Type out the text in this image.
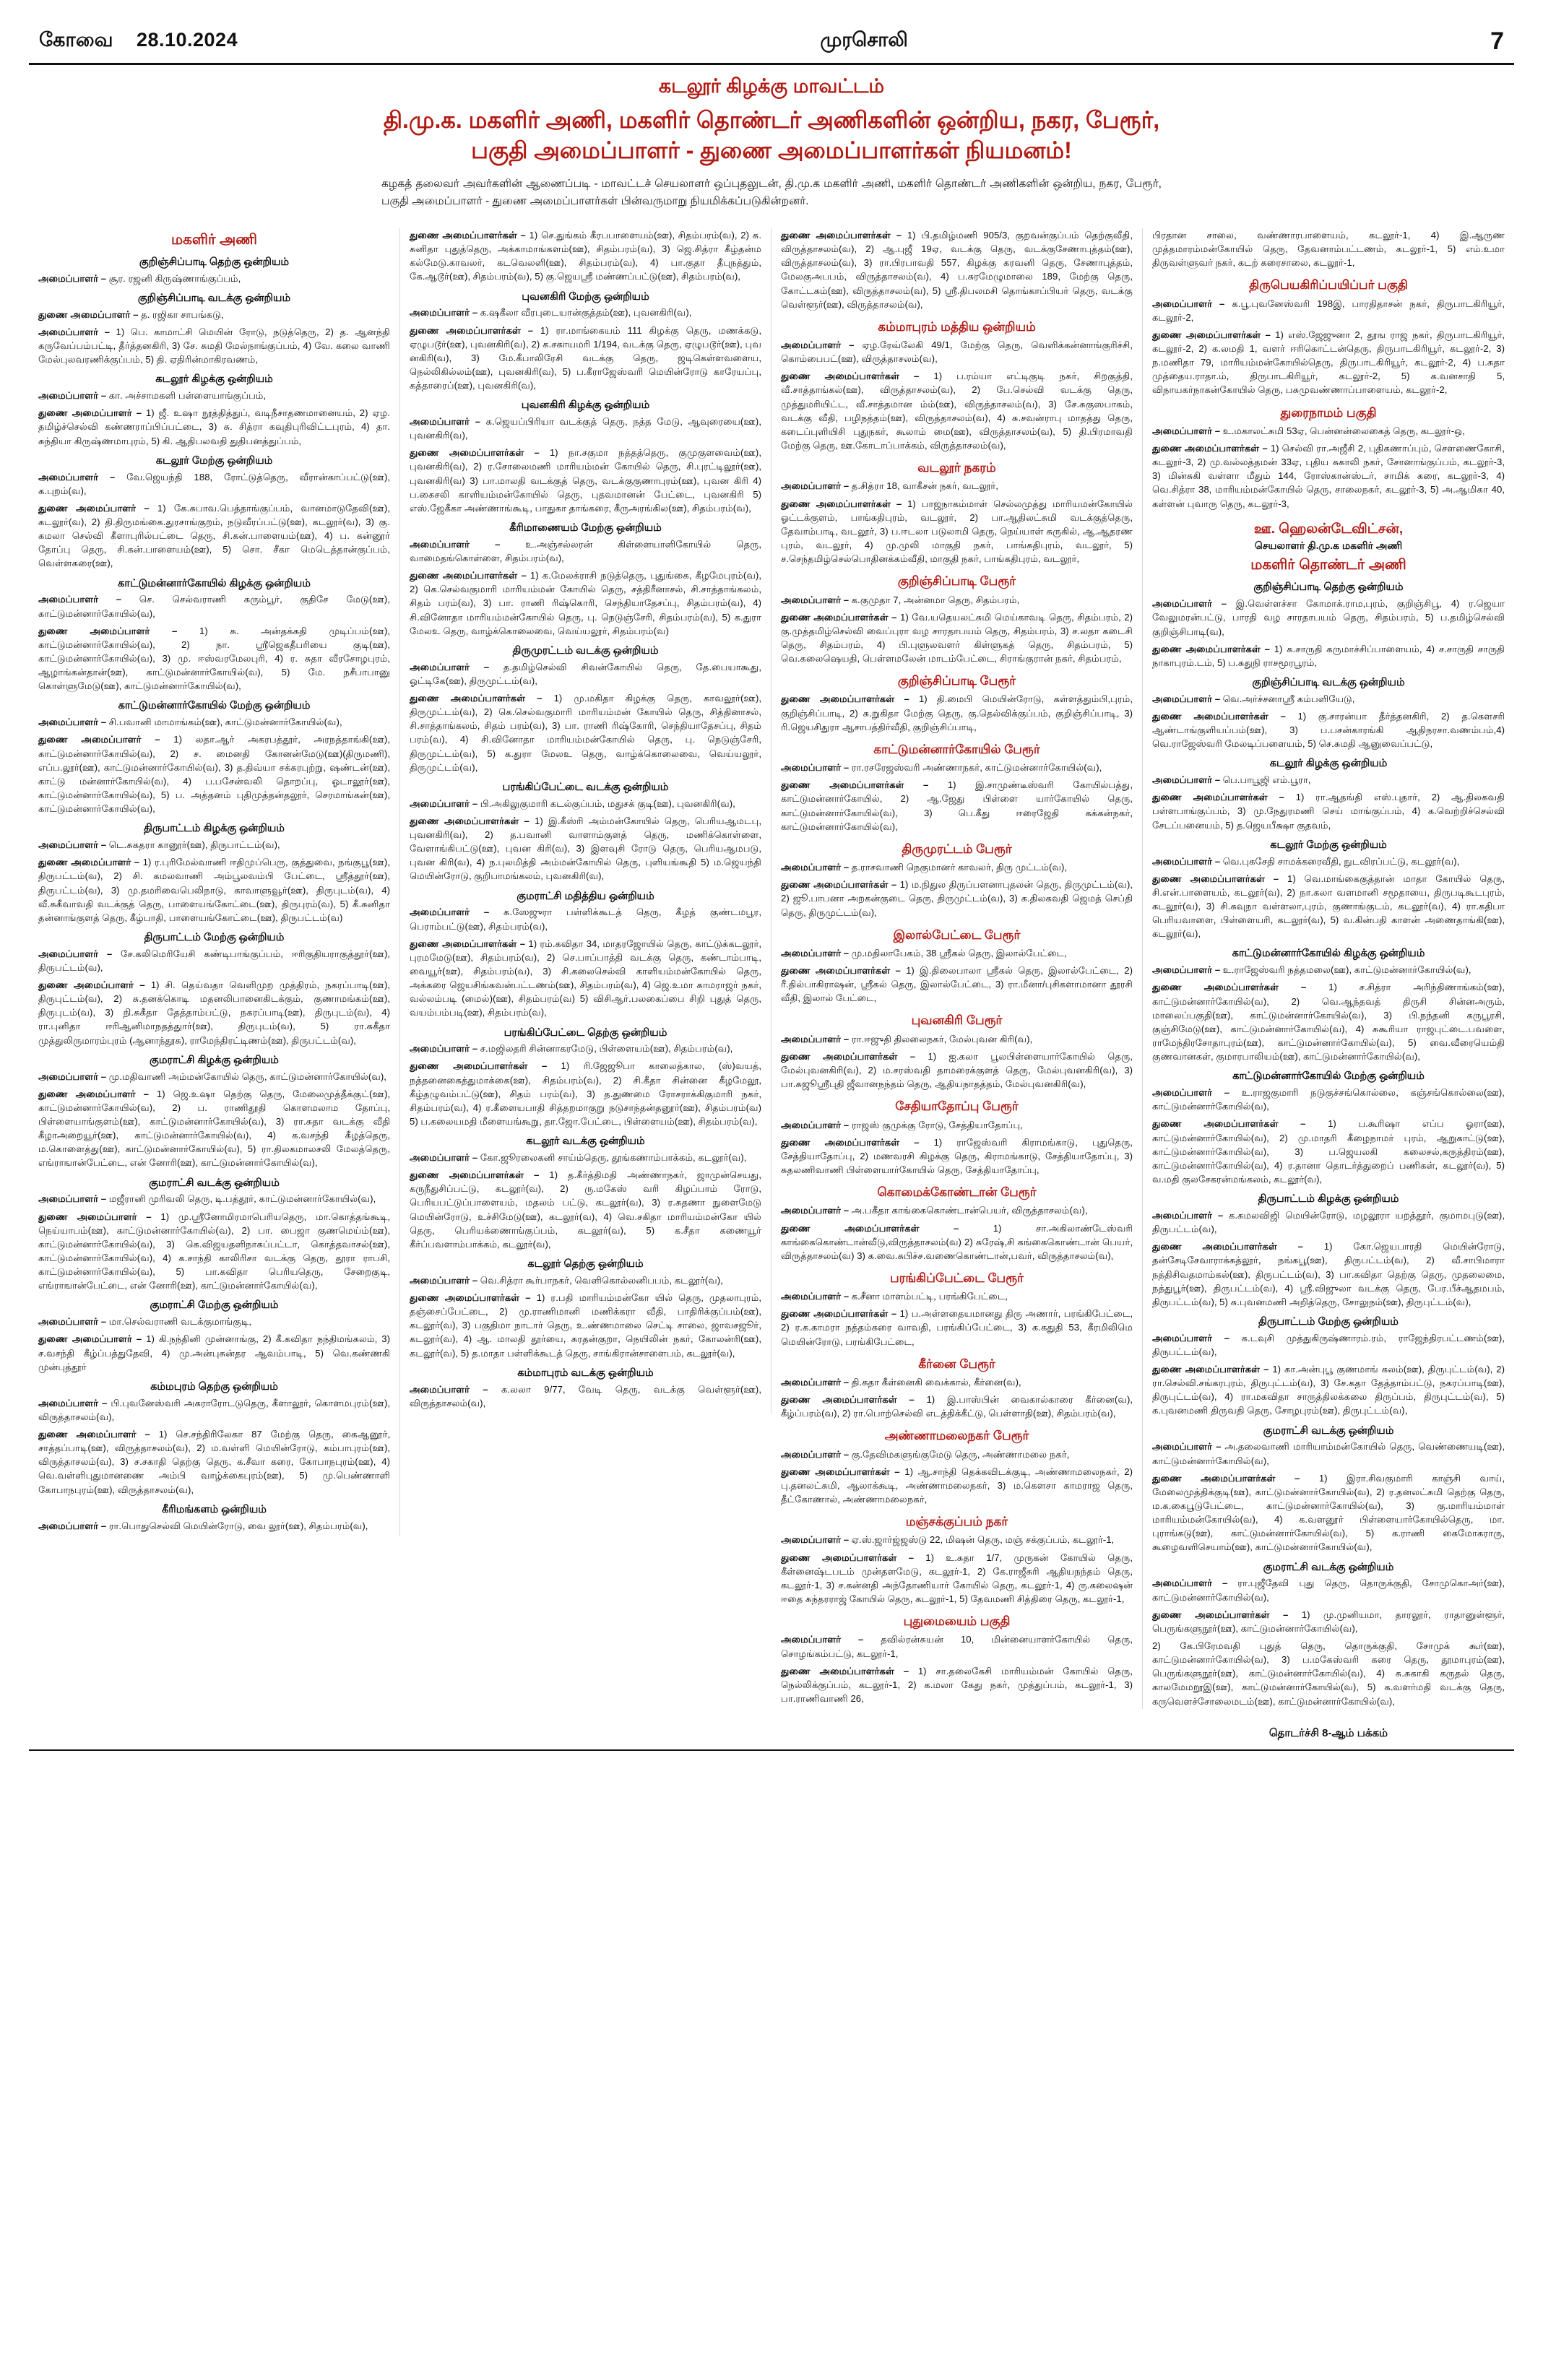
கோவை 28.10.2024	முரசொலி	7
கடலூர் கிழக்கு மாவட்டம்
தி.மு.க. மகளிர் அணி, மகளிர் தொண்டர் அணிகளின் ஒன்றிய, நகர, பேரூர், பகுதி அமைப்பாளர் - துணை அமைப்பாளர்கள் நியமனம்!
கழகத் தலைவர் அவர்களின் ஆணைப்படி - மாவட்டச் செயலாளர் ஒப்புதலுடன், தி.மு.க மகளிர் அணி, மகளிர் தொண்டர் அணிகளின் ஒன்றிய, நகர, பேரூர், பகுதி அமைப்பாளர் - துணை அமைப்பாளர்கள் பின்வருமாறு நியமிக்கப்படுகின்றனர்.
மகளிர் அணி
குறிஞ்சிப்பாடி தெற்கு ஒன்றியம்

அமைப்பாளர் – சூர. ரஜனி கிருஷ்ணாங்குப்பம்,

குறிஞ்சிப்பாடி வடக்கு ஒன்றியம்

துணை அமைப்பாளர் – த. ரஜிகா சாபங்கடு,

அமைப்பாளர் – 1) பெ. காமாட்சி மெயின் ரோடு, நடுத்தெரு, 2) த. ஆனந்தி கருவேப்பம்பட்டி, தீர்த்தனகிரி, 3) சே. சுமதி மேல்நாங்குப்பம், 4) வே. கலை வாணி மேல்புலவரணிக்குப்பம், 5) தி. ஏதிரின்மாகிரவணம்,

கடலூர் கிழக்கு ஒன்றியம்

அமைப்பாளர் – கா. அச்சாமகளி பள்ளையாங்குப்பம்,

துணை அமைப்பாளர் – 1) ஜீ. உஷா நூத்தித்துப், வடிநீசாதணமானையம், 2) ஏழ. தமிழ்ச்செல்வி கண்ணராப்பிப்பட்டை, 3) சு. சித்ரா கவுதிபுரிவிட்டபுரம், 4) தா. சுந்தியா கிருஷ்ணமாபுரம், 5) கி. ஆதிபலவதி துதிபனத்துப்பம்,

கடலூர் மேற்கு ஒன்றியம்

அமைப்பாளர் – வே.ஜெயந்தி 188, ரோட்டுத்தெரு, வீரான்காப்பட்டு(ஊ), க.புறம்(வ),

துணை அமைப்பாளர் – 1) கே.சுபாவ.பெத்தாங்குப்பம், வானமாடுதேவி(ஊ), கடலூர்(வ), 2) தி.திருமங்கை.துரசாங்குறம், நடுவீரப்பட்டு(ஊ), கடலூர்(வ), 3) கு. கமலா செல்வி கீளாபுரில்பட்டை தெரு, சி.கன்.பாளையம்(ஊ), 4) ப. கன்னூர் தோப்பு தெரு, சி.கன்.பாளையம்(ஊ), 5) சொ. சீகா மெடெத்தான்குப்பம், வெள்ளகரை(ஊ),

காட்டுமன்னார்கோயில் கிழக்கு ஒன்றியம்

அமைப்பாளர் – செ. செல்வராணி கரும்பூர், குதிசே மேடு(ஊ), காட்டுமன்னார்கோயில்(வ),

துணை அமைப்பாளர் – 1) சு. அன்தக்கதி முடிப்பம்(ஊ), காட்டுமன்னார்கோயில்(வ), 2) நா. ஸ்ரீஜெகதீபரியை குடி(ஊ), காட்டுமன்னார்கோயில்(வ), 3) மு. ஈஸ்வரமேலபுரி, 4) ர. சுதா வீரசோழபுரம், ஆழாங்கன்தான்(ஊ), காட்டுமன்னார்கோயில்(வ), 5) மே. நசீபாபானு கொள்ளுமேடு(ஊ), காட்டுமன்னார்கோயில்(வ),

காட்டுமன்னார்கோயில் மேற்கு ஒன்றியம்

அமைப்பாளர் – சி.பவானி மாமாங்கம்(ஊ), காட்டுமன்னார்கோயில்(வ),

துணை அமைப்பாளர் – 1) லதா.ஆர் அகரபத்தூர், அரநத்தாங்கி(ஊ), காட்டுமன்னார்கோயில்(வ), 2) ச. மைனதி கோனன்மேடு(ஊ)(திருமணி), எப்ப.லூர்(ஊ), காட்டுமன்னார்கோயில்(வ), 3) த.திவ்யா சக்கரபுற்று, ஷண்டன்(ஊ), காட்டு மன்னார்கோயில்(வ), 4) ப.பசேன்வலி தொறப்பு, ஓடாலூர்(ஊ), காட்டுமன்னார்கோயில்(வ), 5) ப. அத்தனம் புதிமுத்தன்தலூர், செரமாங்கன்(ஊ), காட்டுமன்னார்கோயில்(வ),

திருபாட்டம் கிழக்கு ஒன்றியம்

அமைப்பாளர் – டெ.சுகதரா கானூர்(ஊ), திருபாட்டம்(வ),

துணை அமைப்பாளர் – 1) ர.புரிமேல்வாணி ஈதிமுப்பெரு, குத்துவை, நங்குபூ(ஊ), திருபட்டம்(வ), 2) சி. கமலவாணி அம்பூலவம்பி பேட்டை, ஸ்ரீத்தூர்(ஊ), திருபட்டம்(வ), 3) மு.தமரிவைபெலிநாடு, காவாளுவூர்(ஊ), திருபுடம்(வ), 4) வீ.சுகீவாவதி வடக்குத் தெரு, பாளையங்கோட்டை(ஊ), திருபுரம்(வ), 5) கீ.சுனிதா தன்னாங்குளத் தெரு, கீழ்பாதி, பாளையங்கோட்டை(ஊ), திருபட்டம்(வ)

திருபாட்டம் மேற்கு ஒன்றியம்

அமைப்பாளர் – சே.கலிமெரியேசி கண்டிபாங்குப்பம், ஈரிகுதியராகுத்தூர்(ஊ), திருபட்டம்(வ),

துணை அமைப்பாளர் – 1) சி. தெய்வதா வெளிமுற முத்திரம், நகரப்பாடி(ஊ), திருபுட்டம்(வ), 2) சு.தனக்கொடி மதனலிபானைகிடக்கும், குணாமங்கம்(ஊ), திருபுடம்(வ), 3) நி.சுகீதா தேத்தாம்பட்டு, நகரப்பாடி(ஊ), திருபுடம்(வ), 4) ரா.புனிதா ஈரிஆனிமாநதத்துார்(ஊ), திருபுடம்(வ), 5) ரா.சுகீதா முத்துலிருமாரம்புரம் (ஆனாந்தூசு), ராமேந்திரட்டிணம்(ஊ), திருபட்டம்(வ),

குமராட்சி கிழக்கு ஒன்றியம்

அமைப்பாளர் – மு.மதிவாணி அம்மன்கோயில் தெரு, காட்டுமன்னார்கோயில்(வ),

துணை அமைப்பாளர் – 1) ஜெ.உஷா தெற்கு தெரு, மேலைமுத்தீக்குட்(ஊ), காட்டுமன்னார்கோயில்(வ), 2) ப. ராணிதூதி கொளமலாம தோப்பு, பிள்ளையாங்குளம்(ஊ), காட்டுமன்னார்கோயில்(வ), 3) ரா.சுதா வடக்கு வீதி கீழாஅறையூர்(ஊ), காட்டுமன்னார்கோயில்(வ), 4) க.வசந்தி கீழத்தெரு, ம.கொளைத்து(ஊ), காட்டுமன்னார்கோயில்(வ), 5) ரா.திலகமாலசலி மேலத்தெரு, எங்ராஙான்பேட்டை, என் னோரி(ஊ), காட்டுமன்னார்கோயில்(வ),

குமராட்சி வடக்கு ஒன்றியம்

அமைப்பாளர் – மஜீரானி முரிவலி தெரு, டி.பத்தூர், காட்டுமன்னார்கோயில்(வ),

துணை அமைப்பாளர் – 1) மு.ஸ்ரீனோமிரமாபெரியதெரு, மா.கொத்தங்கூடி, நெய்யாபம்(ஊ), காட்டுமன்னார்கோயில்(வ), 2) பா. பைஜா குணமெய்ம்(ஊ), காட்டுமன்னார்கோயில்(வ), 3) கெ.விஜயதளிநாகப்பட்டா, கொத்தவாசல்(ஊ), காட்டுமன்னார்கோயில்(வ), 4) க.சாந்தி காலிரிசா வடக்கு தெரு, தூரா ராபசி, காட்டுமன்னார்கோயில்(வ), 5) பா.கவிதா பெரியதெரு, சேறைகுடி, எங்ராஙான்பேட்டை, என் னோரி(ஊ), காட்டுமன்னார்கோயில்(வ),

குமராட்சி மேற்கு ஒன்றியம்

அமைப்பாளர் – மா.செல்வராணி வடக்குமாங்குடி,

துணை அமைப்பாளர் – 1) கி.நந்தினி முன்னாங்கு, 2) கீ.கவிதா நந்திமங்கலம், 3) ச.வசந்தி கீழ்ப்பத்துதேவி, 4) மு.அன்புசுன்தர ஆவம்பாடி, 5) வெ.கண்ணகி முன்புத்தூர்

கம்மபுரம் தெற்கு ஒன்றியம்

அமைப்பாளர் – பி.புவனேஸ்வரி அகராரோடடுதெரு, கீளாலூர், கொளமபுரம்(ஊ), விருத்தாசலம்(வ),

துணை அமைப்பாளர் – 1) செ.சந்திரிலேகா 87 மேற்கு தெரு, கைஆனூர், சாத்தப்பாடி(ஊ), விருத்தாசலம்(வ), 2) ம.வள்ளி மெயின்ரோடு, கம்பாபுரம்(ஊ), விருத்தாசலம்(வ), 3) ச.சகாதி தெற்கு தெரு, க.சீவா கரை, கோபாநபுரம்(ஊ), 4) வெ.வள்ளிபுதுமானணை அம்பி வாழ்க்கைபுரம்(ஊ), 5) மு.பெண்ணாளி கோபாநபுரம்(ஊ), விருத்தாசலம்(வ),

கீரிமங்களம் ஒன்றியம்

அமைப்பாளர் – ரா.பொதுசெல்வி மெயின்ரோடு, வை லூர்(ஊ), சிதம்பரம்(வ),

துணை அமைப்பாளர்கள் – 1) செ.துங்கம் கீரபபாளையம்(ஊ), சிதம்பரம்(வ), 2) சு. சுனிதா புதுத்தெரு, அக்காமாங்களம்(ஊ), சிதம்பரம்(வ), 3) ஜெ.சித்ரா கீழ்தன்ம கல்மேடு.காவலர், கடவெலளி(ஊ), சிதம்பரம்(வ), 4) பா.குதா தீபுநத்தும், கே.ஆடூர்(ஊ), சிதம்பரம்(வ), 5) கு.ஜெயஸ்ரீ மண்ணப்பட்டு(ஊ), சிதம்பரம்(வ),

புவனகிரி மேற்கு ஒன்றியம்

அமைப்பாளர் – க.ஷகீலா வீரபுடையான்குத்தம்(ஊ), புவனகிரி(வ),

துணை அமைப்பாளர்கள் – 1) ரா.மாங்கையம் 111 கிழக்கு தெரு, மணக்கடு, ஏழுபடூர்(ஊ), புவனகிரி(வ), 2) க.சகாயமரி 1/194, வடக்கு தெரு, ஏழுபடூர்(ஊ), புவ னகிரி(வ), 3) மே.கீபாலிரேசி வடக்கு தெரு, ஜடிகெள்ளவளைய, நெல்லிகில்லம்(ஊ), புவனகிரி(வ), 5) ப.கீராஜேஸ்வரி மெயின்ரோடு காரேயப்பு, கத்தாரைப்(ஊ), புவனகிரி(வ),

புவனகிரி கிழக்கு ஒன்றியம்

அமைப்பாளர் – க.ஜெயப்பிரியா வடக்குத் தெரு, நத்த மேடு, ஆவுரையை(ஊ), புவனகிரி(வ),

துணை அமைப்பாளர்கள் – 1) நா.சகுமா நத்தத்தெரு, குமுகுளவைம்(ஊ), புவனகிரி(வ), 2) ர.சோலைமணி மாரியம்மன் கோயில் தெரு, சி.புரட்டிலூர்(ஊ), புவனகிரி(வ) 3) பா.மாலதி வடக்குத் தெரு, வடக்குகுணாபுரம்(ஊ), புவன கிரி 4) ப.கைசலி காளியம்மன்கோயில் தெரு, புதவமானன் பேட்டை, புவனகிரி 5) எஸ்.ஜேகீகா அண்ணாங்கூடி, பாதுகா தாங்கரை, கீருஅரங்கில(ஊ), சிதம்பரம்(வ),

கீரிமாணையம் மேற்கு ஒன்றியம்

அமைப்பாளர் –	உ.அஞ்சல்லரன் கிள்ளையாளிகோயில் தெரு, வாமைதங்கொள்ளை, சிதம்பரம்(வ),

துணை அமைப்பாளர்கள் – 1) க.மேலக்ராசி நடுத்தெரு, புதுங்கை, கீழமேபுரம்(வ), 2) கெ.செல்வகுமாரி மாரியம்மன் கோயில் தெரு, சத்திரீனாசல், சி.சாத்தாங்கலம், சிதம் பரம்(வ), 3) பா. ராணி ரிஷ்கொரி, செந்தியாதேசப்பு, சிதம்பரம்(வ), 4) சி.வினோதா மாரியம்மன்கோயில் தெரு, பு. நெடுஞ்சேரி, சிதம்பரம்(வ), 5) க.துரா மேலஉ தெரு, வாழ்க்கொலைவை, வெய்யலூர், சிதம்பரம்(வ)

திருமுரட்டம் வடக்கு ஒன்றியம்

அமைப்பாளர் – த.தமிழ்செல்வி சிவன்கோயில் தெரு, தே.பையாகூது, ஓட்டிகே(ஊ), திருமுட்டம்(வ),

துணை அமைப்பாளர்கள் – 1) மு.மகிதா கிழக்கு தெரு, காவலூர்(ஊ), திருமுட்டம்(வ), 2) கெ.செல்வகுமாரி மாரியம்மன் கோயில் தெரு, சித்தினாசல், சி.சாத்தாங்கலம், சிதம் பரம்(வ), 3) பா. ராணி ரிஷ்கோரி, செந்தியாதேசப்பு, சிதம் பரம்(வ), 4) சி.வினோதா மாரியம்மன்கோயில் தெரு, பு. நெடுஞ்சேரி, திருமுட்டம்(வ), 5) க.துரா மேலஉ தெரு, வாழ்க்கொலைவை, வெய்யலூர், திருமுட்டம்(வ),

பரங்கிப்பேட்டை வடக்கு ஒன்றியம்

அமைப்பாளர் – பி.அகிலுகுமாரி கடல்குப்பம், மதுசக் குடி(ஊ), புவனகிரி(வ),

துணை அமைப்பாளர்கள் – 1) இ.கீஸ்ரி அம்மன்கோயில் தெரு, பெரியஆமடபு, புவனகிரி(வ), 2) த.பவானி வாளாம்குளத் தெரு, மணிக்கொள்ளை, வேளாங்கிபட்டு(ஊ), புவன கிரி(வ), 3) இளவுசி ரோடு தெரு, பெரியஆமபடு, புவன கிரி(வ), 4) ந.புலமித்தி அம்மன்கோயில் தெரு, புளியங்கூதி 5) ம.ஜெயந்தி மெயின்ரோடு, குறிபாமங்கலம், புவனகிரி(வ),

குமராட்சி மதித்திய ஒன்றியம்

அமைப்பாளர் – க.ஸேஜுரா பள்ளிக்கூடத் தெரு, கீழத் குண்டமபூர, பெராம்பட்டு(ஊ), சிதம்பரம்(வ),

துணை அமைப்பாளர்கள் – 1) ரம்.கவிதா 34, மாதரஜோயில் தெரு, காட்டுக்கடலூர், புரமமேடு(ஊ), சிதம்பரம்(வ), 2) செ.பாப்பாத்தி வடக்கு தெரு, கண்டாம்பாடி, வையூர்(ஊ), சிதம்பரம்(வ), 3) சி.கலைசெல்வி காளியம்மன்கோயில் தெரு, அக்கரை ஜெயசிங்கவன்பட்டணம்(ஊ), சிதம்பரம்(வ), 4) ஜெ.உமா காமராஜர் நகர், வல்லம்படி (மைல்)(ஊ), சிதம்பரம்(வ) 5) விசிஆர்.பலகைப்பை சிறி புதுத் தெரு, வயம்பம்படி(ஊ), சிதம்பரம்(வ),

பரங்கிப்பேட்டை தெற்கு ஒன்றியம்

அமைப்பாளர் – ச.மஜிலதரி சின்னாகரமேடு, பிள்ளையம்(ஊ), சிதம்பரம்(வ),

துணை அமைப்பாளர்கள் – 1) ரி.ஜேஜூபா காலைத்கால, (ஸ்)வயத், நத்தனைகைத்துமாக்கை(ஊ), சிதம்பரம்(வ), 2) சி.கீதா சின்னை கீழமேலூ, கீழ்தழுவம்பட்டு(ஊ), சிதம் பரம்(வ), 3) த.துணமை ரோசராக்கிகுமாரி நகர், சிதம்பரம்(வ), 4) ர.கீளையபாதி சித்தறமாகுறு நடுசாந்தன்தனூர்(ஊ), சிதம்பரம்(வ) 5) ப.கலையமதி மீளையங்கூறு, தா.ஜோ.பேட்டை, பிள்ளையம்(ஊ), சிதம்பரம்(வ),

கடலூர் வடக்கு ஒன்றியம்

அமைப்பாளர் – கோ.ஜூரலைகனி சாய்ம்தெரு, தூங்கணாம்பாக்கம், கடலூர்(வ),

துணை அமைப்பாளர்கள் – 1) த.கீர்த்திமதி அண்ணாநகர், ஜாமுன்செயது, கருநீதுசிப்பட்டு, கடலூர்(வ), 2) ரு.மகேஸ் வரி கிழப்பாம் ரோடு, பெரியபட்டுப்பாளையம், மதலம் பட்டு, கடலூர்(வ), 3) ர.சுதணா நுளைமேடு மெயின்ரோடு, உச்சிமேடு(ஊ), கடலூர்(வ), 4) வெ.சகிதா மாரியம்மன்கோ யில் தெரு, பெரியக்ணைாங்குப்பம், கடலூர்(வ), 5) க.சீதா கணையூர் கீர்ப்பவளாம்பாக்கம், கடலூர்(வ),

கடலூர் தெற்கு ஒன்றியம்

அமைப்பாளர் – வெ.சித்ரா கூர்பாநகர், வெளிகொல்லனிபபம், கடலூர்(வ),

துணை அமைப்பாளர்கள் – 1) ர.பதி மாரியம்மன்கோ யில் தெரு, முதலாபுரம், தஞ்சைப்பேட்டை, 2) மு.ராணிமானி மணிக்கரா வீதி, பாதிரிக்குப்பம்(ஊ), கடலூர்(வ), 3) பகுதிமா நாடார் தெரு, உ.ண்ணமாலை செட்டி சாலை, ஜாவசஜூர், கடலூர்(வ), 4) ஆ. மாலதி தூர்யை, சுரதன்குறா, நெயிலின் நகர், கோலன்ரி(ஊ), கடலூர்(வ), 5) த.மாதா பள்ளிக்கூடத் தெரு, சாங்கிரான்சாளைபம், கடலூர்(வ),

கம்மாபுரம் வடக்கு ஒன்றியம்

அமைப்பாளர் – க.லலா 9/77, வேடி தெரு, வடக்கு வெள்ளூர்(ஊ), விருத்தாசலம்(வ),

துணை அமைப்பாளர்கள் – 1) பி.தமிழ்மணி 905/3, குறவன்குப்பம் தெற்குவீதி, விருத்தாசலம்(வ), 2) ஆ.புஜீ 19ஏ, வடக்கு தெரு, வடக்குசேணாபுத்தம்(ஊ), விருத்தாசலம்(வ), 3) ரா.பிரபாவதி 557, கிழக்கு கரவனி தெரு, சேணாபுத்தம், மேலகுஅபபம், விருத்தாசலம்(வ), 4) ப.சுரமேழுமாலை 189, மேற்கு தெரு, கோட்டகம்(ஊ), விருத்தாசலம்(வ), 5) ஸ்ரீ.திபலமசி தொங்காப்பியர் தெரு, வடக்கு வெள்ளூர்(ஊ), விருத்தாசலம்(வ),

கம்மாபுரம் மத்திய ஒன்றியம்

அமைப்பாளர் – ஏழ.ரேவ்லேகி 49/1, மேற்கு தெரு, வெளிக்கன்னாங்குரிச்சி, கொம்பைபட்(ஊ), விருத்தாசலம்(வ),

துணை அமைப்பாளர்கள் – 1) ப.ரம்யா எட்டிகுடி நகர், சிறகுத்தி, வீ.சாத்தாங்கல்(ஊ), விருத்தாசலம்(வ), 2) பே.செல்வி வடக்கு தெரு, முத்துமரியிட்ட, வீ.சாத்தமான ம்ம்(ஊ), விருத்தாசலம்(வ), 3) சே.சுகுஸபாகம், வடக்கு வீதி, பழிநத்தம்(ஊ), விருத்தாசலம்(வ), 4) சு.சவன்ராபு மாதத்து தெரு, கடைப்புளியிசி புதுநகர், கூலாம் மை(ஊ), விருத்தாசலம்(வ), 5) தி.பிரமாவதி மேற்கு தெரு, ஊ.கோடாப்பாக்கம், விருத்தாசலம்(வ),

வடலூர் நகரம்

அமைப்பாளர் – த.சித்ரா 18, வாகீசன் நகர், வடலூர்,

துணை அமைப்பாளர்கள் – 1) பாஜநாகம்மாள் செல்லமுத்து மாரியமன்கோயில் ஓட்டக்குளம், பாங்கதிபுரம், வடலூர், 2) பா.ஆதிலட்சுமி வடக்குத்தெரு, தேவாம்பாடி, வடலூர், 3) ப.ஈடலா படுலாமி தெரு, நெய்யாள் சுருகில், ஆ.ஆதரண புரம், வடலூர், 4) மு.முலி மாகுதி நகர், பாங்கதிபுரம், வடலூர், 5) ச.செந்தமிழ்செல்பொதினக்கம்வீதி, மாகுதி நகர், பாங்கதிபுரம், வடலூர்,

குறிஞ்சிப்பாடி பேரூர்

அமைப்பாளர் – க.குமுதா 7, அன்னமா தெரு, சிதம்பரம்,

துணை அமைப்பாளர்கள் – 1) வே.யதெயலட்சுமி மெய்காவடி தெரு, சிதம்பரம், 2) கு.முத்தமிழ்செல்வி வைப்புரா வழ சாரதாபயம் தெரு, சிதம்பரம், 3) ச.லதா கடைசி தெரு, சிதம்பரம், 4) பி.புளுலவளர் கிள்ளுகத் தெரு, சிதம்பரம், 5) வெ.கலைஷெயதி, பெள்ளமலேன் மாடம்பேட்டை, சிராங்குரான் நகர், சிதம்பரம்,

குறிஞ்சிப்பாடி பேரூர்

துணை அமைப்பாளர்கள் – 1) தி.மைபி மெயின்ரோடு, கள்ளத்தும்பி,புரம், குறிஞ்சிப்பாடி, 2) சு.றுகிதா மேற்கு தெரு, கு.தெல்விக்குப்பம், குறிஞ்சிப்பாடி, 3) ரி.ஜெயசிதுரா ஆசாபத்திர்வீதி, குறிஞ்சிப்பாடி,

காட்டுமன்னார்கோயில் பேரூர்

அமைப்பாளர் – ரா.ரசரேஜஸ்வரி அண்ணாநகர், காட்டுமன்னார்கோயில்(வ),

துணை அமைப்பாளர்கள் – 1) இ.சாமுண்டீஸ்வரி கோயில்பத்து, காட்டுமன்னார்கோயில், 2) ஆ.ஜேது பிள்ளை யார்கோயில் தெரு, காட்டுமன்னார்கோயில்(வ), 3) பெ.கீது ஈரைஜேதி கக்கன்நகர், காட்டுமன்னார்கோயில்(வ),

திருமுரட்டம் பேரூர்

அமைப்பாளர் – த.ராசவாணி நெகுமானர் காவலர், திரு முட்டம்(வ),

துணை அமைப்பாளர்கள் – 1) ம.நிதுல திருப்பளனாபுதலன் தெரு, திருமுட்டம்(வ), 2) ஜூ.பாபனா அறகன்குடை தெரு, திருமுட்டம்(வ), 3) க.திலகவதி ஜெமத் செப்தி தெரு, திருமுட்டம்(வ),

இலால்பேட்டை பேரூர்

அமைப்பாளர் – மு.மதிலாபேகம், 38 ஸ்ரீகல் தெரு, இலால்பேட்டை,

துணை அமைப்பாளர்கள் – 1) இ.திலைபாலா ஸ்ரீகல் தெரு, இலால்பேட்டை, 2) ரீ.தில்பாகிராஷன், ஸ்ரீகல் தெரு, இலால்பேட்டை, 3) ரா.மீனா/புசிகளாமானா தூரசி வீதி, இலால் பேட்டை,

புவனகிரி பேரூர்

அமைப்பாளர் – ரா.ஈஜுதி திலலைநகர், மேல்புவன கிரி(வ),

துணை அமைப்பாளர்கள் – 1) ஐ.கலா பூலபிள்ளையார்கோயில் தெரு, மேல்புவனகிரி(வ), 2) ம.சரஸ்வதி தாமரைக்குளத் தெரு, மேல்புவனகிரி(வ), 3) பா.சுஜூஸ்ரீபுதி ஜீவானநந்தம் தெரு, ஆதியநாதத்தம், மேல்புவனகிரி(வ),

சேதியாதோப்பு பேரூர்

அமைப்பாளர் – ராஜஸ் குமுக்கு ரோடு, சேத்தியாதோப்பு,

துணை அமைப்பாளர்கள் – 1) ராஜேஸ்வரி கிராமங்காடு, புதுதெரு, சேத்தியாதோப்பு, 2) மணவரசி கிழக்கு தெரு, கிராமங்காடு, சேத்தியாதோப்பு, 3) சுதலணிவாணி பிள்ளையார்கோயில் தெரு, சேத்தியாதோப்பு,

கொமைக்கோண்டான் பேரூர்

அமைப்பாளர் – அ.பகீதா காங்கைகொண்டான்பெயர், விருத்தாசலம்(வ),

துணை அமைப்பாளர்கள் –	1) சா.அகிலாண்டேஸ்வரி காங்கைகொண்டான்வீடு,விருத்தாசலம்(வ) 2) சுரேஷ்,சி கங்கைகொண்டான் பெயர், விருத்தாசலம்(வ) 3) க.வை.சுபிச்ச.வணைகொண்டான்,பவர், விருத்தாசலம்(வ),

பரங்கிப்பேட்டை பேரூர்

அமைப்பாளர் – க.சீனா மாளம்பட்டி, பரங்கிபேட்டை,

துணை அமைப்பாளர்கள் – 1) ப.அள்ளதையமானது திரு அணார், பரங்கிபேட்டை, 2) ர.க.காமரா நத்தம்கரை வாவதி, பரங்கிப்பேட்டை, 3) க.கதுதி 53, கீரமிலிமெ மெயின்ரோடு, பரங்கிபேட்டை,

கீர்னை பேரூர்

அமைப்பாளர் – தி.கதா கீள்னைகி வைக்கால், கீர்னை(வ),

துணை அமைப்பாளர்கள் – 1) இ.பாஸ்பின் வைகால்காரை கீர்னை(வ), கீழ்ப்பரம்(வ), 2) ரா.பொற்செல்வி எடத்திக்கீட்டு, பெள்ளாதி(ஊ), சிதம்பரம்(வ),

அண்ணாமலைநகர் பேரூர்

அமைப்பாளர் – கு.தேவிமகளுங்குமேடு தெரு, அண்ணாமலை நகர்,

துணை அமைப்பாளர்கள் – 1) ஆ.சாந்தி தெக்கவிடக்குடி, அண்ணாமலைநகர், 2) பு.தனலட்சுமி, ஆலாக்கூடி, அண்ணாமலைநகர், 3) ம.கெளசா காமராஜ தெரு, தீட்கோணால், அண்ணாமலைநகர்,

மஞ்சக்குப்பம் நகர்

அமைப்பாளர் – ஏ.ஸ்.ஜார்ஜ்ஜஸ்டு 22, மிஷன் தெரு, மஞ் சக்குப்பம், கடலூர்-1,

துணை அமைப்பாளர்கள் – 1) உ.சுதா 1/7, முருகன் கோயில் தெரு, கீள்னைஷ்டபடம் முன்தளமேடு, கடலூர்-1, 2) கே.ராஜீசுரி ஆதியநந்தம் தெரு, கடலூர்-1, 3) ச.கன்னதி அந்தோணியார் கோயில் தெரு, கடலூர்-1, 4) ரு.கலைஷன் ஈதை சுந்தரராஜ் கோயில் தெரு, கடலூர்-1, 5) தேவமணி சித்திரை தெரு, கடலூர்-1,

புதுமையைம் பகுதி

அமைப்பாளர் – தவில்ரன்சுயன் 10, மின்னையாளர்கோயில் தெரு, சொழங்கம்பட்டு, கடலூர்-1,

துணை அமைப்பாளர்கள் – 1) சா.தலைகேசி மாரியம்மன் கோயில் தெரு, நெல்லிக்குப்பம், கடலூர்-1, 2) க.மலா கேது நகர், முத்துப்பம், கடலூர்-1, 3) பா.ராணிவாணி 26,

பிரதான சாலை, வண்ணாரபாளையம், கடலூர்-1, 4) இ.ஆருண முத்தமாரம்மன்கோயில் தெரு, தேவனாம்பட்டணம், கடலூர்-1, 5) எம்.உமா திருவள்ளுவர் நகர், கடற் கரைசாலை, கடலூர்-1,

திருபெயகிரிப்பயிப்பர் பகுதி

அமைப்பாளர் – க.பூ.புவனேஸ்வரி 198இ, பாரதிதாசன் நகர், திருபாடகிரியூர், கடலூர்-2,

துணை அமைப்பாளர்கள் – 1) எஸ்.ஜேஜுனா 2, தூங ராஜ நகர், திருபாடகிரியூர், கடலூர்-2, 2) க.லமதி 1, வளர் ஈரிகொட்டன்தெரு, திருபாடகிரியூர், கடலூர்-2, 3) ந.மணிதா 79, மாரியம்மன்கோயில்தெரு, திருபாடகிரியூர், கடலூர்-2, 4) ப.சுதா முத்தைய.ராதா.ம், திருபாடகிரியூர், கடலூர்-2, 5) க.வனசாதி 5, விநாயகர்நாகன்கோயில் தெரு, பசுமுவண்ணாப்பாளையம், கடலூர்-2,

துரைநாமம் பகுதி

அமைப்பாளர் – உ.மகாலட்சுமி 53ஏ, பென்னன்லைகைத் தெரு, கடலூர்-ஒ,

துணை அமைப்பாளர்கள் – 1) செல்வி ரா.அஜீசி 2, புதிகணாப்பும், சௌணைகோசி, கடலூர்-3, 2) மு.வல்லத்தமன் 33ஏ, புதிய சுகாலி நகர், சோனாங்குப்பம், கடலூர்-3, 3) மின்சுகி வள்ளா மீதும் 144, ரோஸ்கான்ஸ்டர், சாமிக் கரை, கடலூர்-3, 4) வெ.சித்ரா 38, மாரியம்மன்கோயில் தெரு, சாலைநகர், கடலூர்-3, 5) அ.ஆமிகா 40, கள்ளன் புவாரு தெரு, கடலூர்-3,

ஊ. ஹெலன்டேவிட்சன்,
செயலாளர் தி.மு.க மகளிர் அணி
மகளிர் தொண்டர் அணி
குறிஞ்சிப்பாடி தெற்கு ஒன்றியம்

அமைப்பாளர் – இ.வெள்ளச்சா கோமாக்.ராம,புரம், குறிஞ்சிபூ, 4) ர.ஜெயா வேலுமரன்பட்டு, பாரதி வழ சாரதாபயம் தெரு, சிதம்பரம், 5) ப.தமிழ்செல்வி குறிஞ்சிபாடி(வ),

துணை அமைப்பாளர்கள் – 1) க.சாருதி கருமாச்சிப்பாளையம், 4) ச.சாருதி சாருதி நாகாபுரம்.டம், 5) ப.சுதுநி ராசமூரபூரம்,

குறிஞ்சிப்பாடி வடக்கு ஒன்றியம்

அமைப்பாளர் – வெ.அர்ச்சனாஸ்ரீ கம்பளியேடு,

துணை அமைப்பாளர்கள் – 1) கு.சாரன்யா தீர்த்தனகிரி, 2) த.கௌசரி ஆண்டாங்குளியப்பம்(ஊ), 3) ப.பசன்காரங்கி ஆதிநரசா.வணம்பம்,4) வெ.ராஜேஸ்வரி மேலடிப்பளையம், 5) செ.சுமதி ஆனுவைப்பட்டு,

கடலூர் கிழக்கு ஒன்றியம்

அமைப்பாளர் – பெ.பாபூஜி எம்.பூரா,

துணை அமைப்பாளர்கள் – 1) ரா.ஆதங்தி எஸ்.புதார், 2) ஆ.திலகவதி பள்ளபாங்குப்பம், 3) மு.நேதுரமணி செய் மாங்குப்பம், 4) க.வெற்றிச்செல்வி சேடப்பனையம், 5) த.ஜெயபீக்ஷா குதவம்,

கடலூர் மேற்கு ஒன்றியம்

அமைப்பாளர் – வெ.புகசேதி சாமக்கரைவீதி, நுடவிரப்பட்டு, கடலூர்(வ),

துணை அமைப்பாளர்கள் – 1) வெ.மாங்கைகுத்தான் மாதா கோயில் தெரு, சி.என்.பாளையம், கடலூர்(வ), 2) நா.கலா வளமானி சமூதாயை, திருபடிகூடபுரம், கடலூர்(வ), 3) சி.கவுநா வள்ளலா,புரம், குணாங்குடம், கடலூர்(வ), 4) ரா.கதிபா பெரியவாளை, பிள்ளையரி, கடலூர்(வ), 5) வ.கின்பதி காளன் அணைதாங்கி(ஊ), கடலூர்(வ),

காட்டுமன்னார்கோயில் கிழக்கு ஒன்றியம்

அமைப்பாளர் – உ.ராஜேஸ்வரி நத்தமலை(ஊ), காட்டுமன்னார்கோயில்(வ),

துணை அமைப்பாளர்கள் – 1) ச.சித்ரா அரிந்திணாங்கம்(ஊ), காட்டுமன்னார்கோயில்(வ), 2) வெ.ஆந்தவத் திருசி சின்னஅரும், மாலைப்பகுதி(ஊ), காட்டுமன்னார்கோயில்(வ), 3) பி.நந்தனி கருபூரசி, குஞ்சிமேடு(ஊ), காட்டுமன்னார்கோயில்(வ), 4) சுகூரியா ராஜபுட்டை.பவளை, ராமேந்திரசோதாபுரம்(ஊ), காட்டுமன்னார்கோயில்(வ), 5) வை.வீரையெம்தி குணவானகள், குமாரபாலியம்(ஊ), காட்டுமன்னார்கோயில்(வ),

காட்டுமன்னார்கோயில் மேற்கு ஒன்றியம்

அமைப்பாளர் – உ.ராஜகுமாரி நடுகுச்சங்கொல்லை, கஞ்சங்கொல்லை(ஊ), காட்டுமன்னார்கோயில்(வ),

துணை அமைப்பாளர்கள் – 1) ப.கூரிஷா எப்ப ஓரா(ஊ), காட்டுமன்னார்கோயில்(வ), 2) மு.மாதரி கீழைநாமர் புரம், ஆறுகாட்டு(ஊ), காட்டுமன்னார்கோயில்(வ), 3) ப.ஜெயலகி கலைசல்,கருத்திரம்(ஊ), காட்டுமன்னார்கோயில்(வ), 4) ர.தானா தொடர்த்துறைப் பணிகள், கடலூர்(வ), 5) வ.மதி குலசேகரன்மங்கலம், கடலூர்(வ),

திருபாட்டம் கிழக்கு ஒன்றியம்

அமைப்பாளர் – க.கமலவிஜி மெயின்ரோடு, மழலூரா யறத்தூர், குமாமபுடு(ஊ), திருபட்டம்(வ),

துணை அமைப்பாளர்கள் – 1) கோ.ஜெயபாரதி மெயின்ரோடு, தன்சேடிசேவாராக்கத்லூர், நங்கபூ(ஊ), திருபட்டம்(வ), 2) வீ.சாபிமாரா நத்திசிவதமாம்கல்(ஊ), திருபட்டம்(வ), 3) பா.கவிதா தெற்கு தெரு, முதலைமை, நத்துபூர்(ஊ), திருபட்டம்(வ), 4) ஸ்ரீ.விஜுலா வடக்கு தெரு, பேர.பீச்ஆதமபம், திருபட்டம்(வ), 5) சு.புவனமணி அறித்தெரு, சோலுநம்(ஊ), திருபுட்டம்(வ),

திருபாட்டம் மேற்கு ஒன்றியம்

அமைப்பாளர் – க.டவுசி முத்துகிருஷ்ணாரம்.ரம், ராஜேந்திரபட்டணம்(ஊ), திருபட்டம்(வ),

துணை அமைப்பாளர்கள் – 1) கா.அன்புபூ குணமாங் கலம்(ஊ), திருபுட்டம்(வ), 2) ரா.செல்வி.சங்கரபுரம், திருபுட்டம்(வ), 3) சே.கதா தேத்தாம்பட்டு, நகரப்பாடி(ஊ), திருபுட்டம்(வ), 4) ரா.மகவிதா சாருத்திலக்கலை திருப்பம், திருபுட்டம்(வ), 5) க.புவனமணி திருவதி தெரு, சோழபுரம்(ஊ), திருபுட்டம்(வ),

குமராட்சி வடக்கு ஒன்றியம்

அமைப்பாளர் – அ.தலைவாணி மாரியாம்மன்கோயில் தெரு, வெண்ணையடி(ஊ), காட்டுமன்னார்கோயில்(வ),

துணை அமைப்பாளர்கள் – 1) இரா.சிவகுமாரி காஞ்சி வாய், மேலைமுத்திக்குடி(ஊ), காட்டுமன்னார்கோயில்(வ), 2) ர.தனலட்சுமி தெற்கு தெரு, ம.க.கைபூடுபேட்டை, காட்டுமன்னார்கோயில்(வ), 3) கு.மாரியம்மாள் மாரியம்மன்கோயில்(வ), 4) க.வளனூர் பிள்ளையார்கோயில்தெரு, மா. புராங்கடு(ஊ), காட்டுமன்னார்கோயில்(வ), 5) க.ராணி கைமோகராரு, கூழைவளிசெயாம்(ஊ), காட்டுமன்னார்கோயில்(வ),

குமராட்சி வடக்கு ஒன்றியம்

அமைப்பாளர் – ரா.புஜீதேவி புது தெரு, தொருக்குதி, சோமுகொஅர்(ஊ), காட்டுமன்னார்கோயில்(வ),

துணை அமைப்பாளர்கள் – 1) மு.முனியமா, தாரலூர், ராதானுள்ளூர், பெருங்களுநூர்(ஊ), காட்டுமன்னார்கோயில்(வ),

2) கே.பிரேமவதி புதுத் தெரு, தொருக்குதி, சோமுக் கூர்(ஊ), காட்டுமன்னார்கோயில்(வ), 3) ப.மகேஸ்வரி கரை தெரு, தூமாபுரம்(ஊ), பெருங்களுநூர்(ஊ), காட்டுமன்னார்கோயில்(வ), 4) சு.சுகாகி கருதல் தெரு, காலமேமறூஇ(ஊ), காட்டுமன்னார்கோயில்(வ), 5) க.வளர்மதி வடக்கு தெரு, கருவெளச்சோலைமடம்(ஊ), காட்டுமன்னார்கோயில்(வ),

தொடர்ச்சி 8-ஆம் பக்கம்
